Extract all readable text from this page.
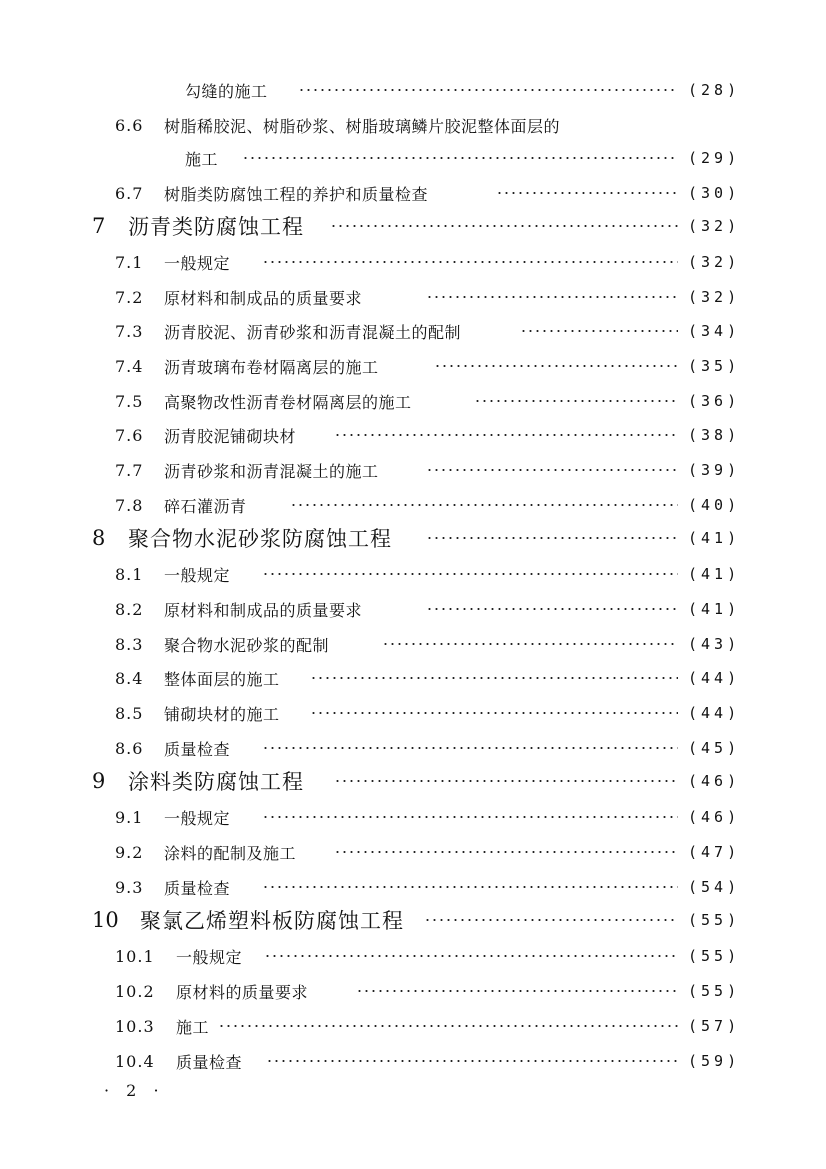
勾缝的施工	(28)
6.6 树脂稀胶泥、树脂砂浆、树脂玻璃鳞片胶泥整体面层的
施工	(29)
6.7 树脂类防腐蚀工程的养护和质量检查	(30)
7 沥青类防腐蚀工程	(32)
7.1 一般规定	(32)
7.2 原材料和制成品的质量要求	(32)
7.3 沥青胶泥、沥青砂浆和沥青混凝土的配制	(34)
7.4 沥青玻璃布卷材隔离层的施工	(35)
7.5 高聚物改性沥青卷材隔离层的施工	(36)
7.6 沥青胶泥铺砌块材	(38)
7.7 沥青砂浆和沥青混凝土的施工	(39)
7.8 碎石灌沥青	(40)
8 聚合物水泥砂浆防腐蚀工程	(41)
8.1 一般规定	(41)
8.2 原材料和制成品的质量要求	(41)
8.3 聚合物水泥砂浆的配制	(43)
8.4 整体面层的施工	(44)
8.5 铺砌块材的施工	(44)
8.6 质量检查	(45)
9 涂料类防腐蚀工程	(46)
9.1 一般规定	(46)
9.2 涂料的配制及施工	(47)
9.3 质量检查	(54)
10 聚氯乙烯塑料板防腐蚀工程	(55)
10.1 一般规定	(55)
10.2 原材料的质量要求	(55)
10.3 施工	(57)
10.4 质量检查	(59)
· 2 ·
